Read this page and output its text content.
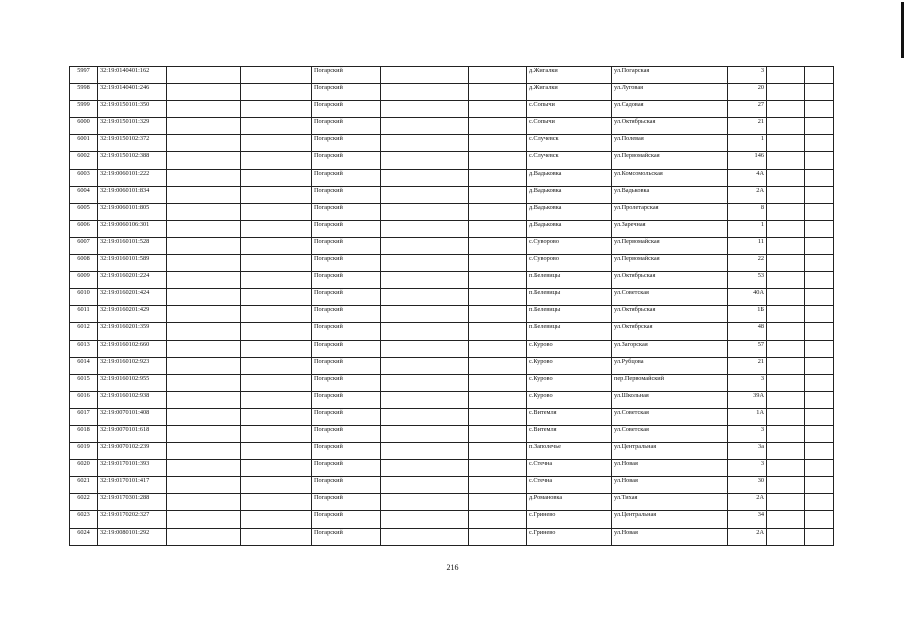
5997	32:19:0140401:162			Погарский			д.Жигалки	ул.Погарская	3		
5998	32:19:0140401:246			Погарский			д.Жигалки	ул.Луговая	20		
5999	32:19:0150101:350			Погарский			с.Сопычи	ул.Садовая	27		
6000	32:19:0150101:329			Погарский			с.Сопычи	ул.Октябрьская	21		
6001	32:19:0150102:372			Погарский			с.Случевск	ул.Полевая	1		
6002	32:19:0150102:388			Погарский			с.Случевск	ул.Первомайская	146		
6003	32:19:0060101:222			Погарский			д.Вадьковка	ул.Комсомольская	4А		
6004	32:19:0060101:834			Погарский			д.Вадьковка	ул.Вадьковка	2А		
6005	32:19:0060101:805			Погарский			д.Вадьковка	ул.Пролетарская	8		
6006	32:19:0060106:301			Погарский			д.Вадьковка	ул.Заречная	1		
6007	32:19:0160101:528			Погарский			с.Суворово	ул.Первомайская	11		
6008	32:19:0160101:589			Погарский			с.Суворово	ул.Первомайская	22		
6009	32:19:0160201:224			Погарский			п.Белевицы	ул.Октябрьская	53		
6010	32:19:0160201:424			Погарский			п.Белевицы	ул.Советская	40А		
6011	32:19:0160201:429			Погарский			п.Белевицы	ул.Октябрьская	1Б		
6012	32:19:0160201:359			Погарский			п.Белевицы	ул.Октябрская	48		
6013	32:19:0160102:660			Погарский			с.Курово	ул.Загорская	57		
6014	32:19:0160102:923			Погарский			с.Курово	ул.Рубцова	21		
6015	32:19:0160102:955			Погарский			с.Курово	пер.Первомайский	3		
6016	32:19:0160102:938			Погарский			с.Курово	ул.Школьная	39А		
6017	32:19:0070101:408			Погарский			с.Витемля	ул.Советская	1А		
6018	32:19:0070101:618			Погарский			с.Витемля	ул.Советская	3		
6019	32:19:0070102:239			Погарский			п.Заполечье	ул.Центральная	3а		
6020	32:19:0170101:393			Погарский			с.Стечна	ул.Новая	3		
6021	32:19:0170101:417			Погарский			с.Стечна	ул.Новая	30		
6022	32:19:0170301:288			Погарский			д.Романовка	ул.Тихая	2А		
6023	32:19:0170202:327			Погарский			с.Гринево	ул.Центральная	34		
6024	32:19:0080101:292			Погарский			с.Гринево	ул.Новая	2А		
216
